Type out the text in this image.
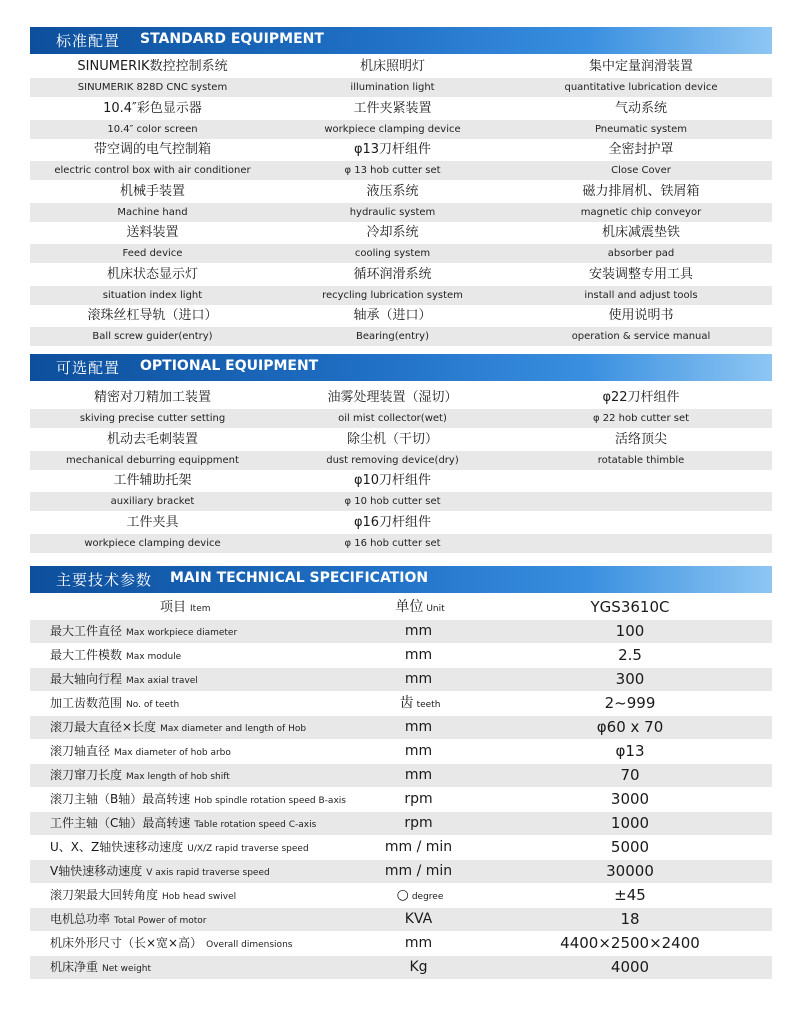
标准配置 STANDARD EQUIPMENT
SINUMERIK数控控制系统	机床照明灯	集中定量润滑装置
SINUMERIK 828D CNC system	illumination light	quantitative lubrication device
10.4″彩色显示器	工件夹紧装置	气动系统
10.4″ color screen	workpiece clamping device	Pneumatic system
带空调的电气控制箱	φ13刀杆组件	全密封护罩
electric control box with air conditioner	φ 13 hob cutter set	Close Cover
机械手装置	液压系统	磁力排屑机、铁屑箱
Machine hand	hydraulic system	magnetic chip conveyor
送料装置	冷却系统	机床减震垫铁
Feed device	cooling system	absorber pad
机床状态显示灯	循环润滑系统	安装调整专用工具
situation index light	recycling lubrication system	install and adjust tools
滚珠丝杠导轨（进口）	轴承（进口）	使用说明书
Ball screw guider(entry)	Bearing(entry)	operation & service manual
可选配置 OPTIONAL EQUIPMENT
精密对刀精加工装置	油雾处理装置（湿切）	φ22刀杆组件
skiving precise cutter setting	oil mist collector(wet)	φ 22 hob cutter set
机动去毛刺装置	除尘机（干切）	活络顶尖
mechanical deburring equippment	dust removing device(dry)	rotatable thimble
工件辅助托架	φ10刀杆组件
auxiliary bracket	φ 10 hob cutter set
工件夹具	φ16刀杆组件
workpiece clamping device	φ 16 hob cutter set
主要技术参数 MAIN TECHNICAL SPECIFICATION
项目 Item	单位 Unit	YGS3610C
最大工件直径 Max workpiece diameter	mm	100
最大工件模数 Max module	mm	2.5
最大轴向行程 Max axial travel	mm	300
加工齿数范围 No. of teeth	齿teeth	2~999
滚刀最大直径×长度 Max diameter and length of Hob	mm	φ60 x 70
滚刀轴直径 Max diameter of hob arbo	mm	φ13
滚刀窜刀长度 Max length of hob shift	mm	70
滚刀主轴（B轴）最高转速 Hob spindle rotation speed B-axis	rpm	3000
工件主轴（C轴）最高转速 Table rotation speed C-axis	rpm	1000
U、X、Z轴快速移动速度 U/X/Z rapid traverse speed	mm / min	5000
V轴快速移动速度 V axis rapid traverse speed	mm / min	30000
滚刀架最大回转角度 Hob head swivel	○ degree	±45
电机总功率 Total Power of motor	KVA	18
机床外形尺寸（长×宽×高） Overall dimensions	mm	4400×2500×2400
机床净重 Net weight	Kg	4000
